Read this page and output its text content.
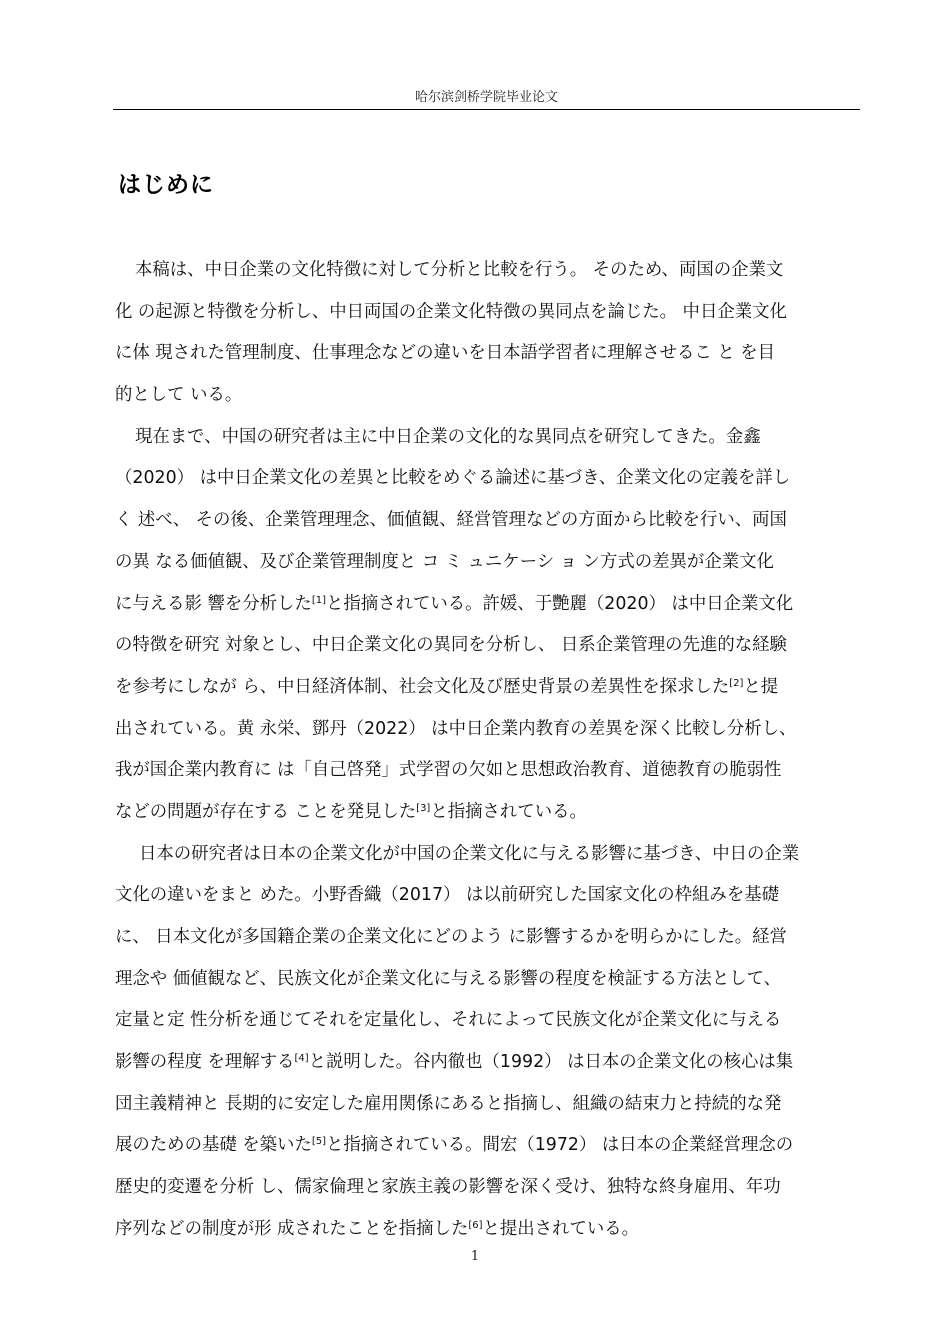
哈尔滨剑桥学院毕业论文
はじめに
本稿は、中日企業の文化特徴に対して分析と比較を行う。 そのため、両国の企業文
化 の起源と特徴を分析し、中日両国の企業文化特徴の異同点を論じた。 中日企業文化
に体 現された管理制度、仕事理念などの違いを日本語学習者に理解させるこ と を目
的として いる。
現在まで、中国の研究者は主に中日企業の文化的な異同点を研究してきた。金鑫
（2020） は中日企業文化の差異と比較をめぐる論述に基づき、企業文化の定義を詳し
く 述べ、 その後、企業管理理念、価値観、経営管理などの方面から比較を行い、両国
の異 なる価値観、及び企業管理制度と コ ミ ュニケーシ ョ ン方式の差異が企業文化
に与える影 響を分析した[1]と指摘されている。許媛、于艷麗（2020） は中日企業文化
の特徴を研究 対象とし、中日企業文化の異同を分析し、 日系企業管理の先進的な経験
を参考にしなが ら、中日経済体制、社会文化及び歴史背景の差異性を探求した[2]と提
出されている。黄 永栄、鄧丹（2022） は中日企業内教育の差異を深く比較し分析し、
我が国企業内教育に は「自己啓発」式学習の欠如と思想政治教育、道徳教育の脆弱性
などの問題が存在する ことを発見した[3]と指摘されている。
日本の研究者は日本の企業文化が中国の企業文化に与える影響に基づき、中日の企業
文化の違いをまと めた。小野香織（2017） は以前研究した国家文化の枠組みを基礎
に、 日本文化が多国籍企業の企業文化にどのよう に影響するかを明らかにした。経営
理念や 価値観など、民族文化が企業文化に与える影響の程度を検証する方法として、
定量と定 性分析を通じてそれを定量化し、それによって民族文化が企業文化に与える
影響の程度 を理解する[4]と説明した。谷内徹也（1992） は日本の企業文化の核心は集
団主義精神と 長期的に安定した雇用関係にあると指摘し、組織の結束力と持続的な発
展のための基礎 を築いた[5]と指摘されている。間宏（1972） は日本の企業経営理念の
歴史的変遷を分析 し、儒家倫理と家族主義の影響を深く受け、独特な終身雇用、年功
序列などの制度が形 成されたことを指摘した[6]と提出されている。
1
